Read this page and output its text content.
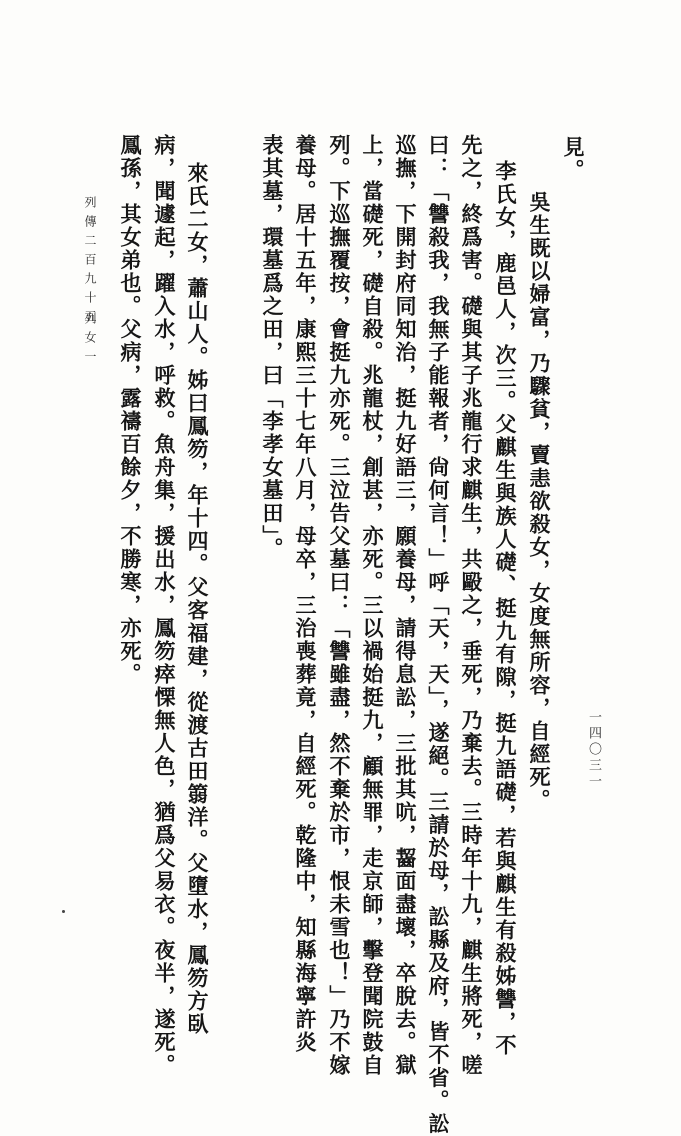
見。
吳生既以婦富，乃驟貧，賣恚欲殺女，女度無所容，自經死。
李氏女，鹿邑人，次三。父麒生與族人礎、挺九有隙，挺九語礎，若與麒生有殺姊讐，不
先之，終爲害。礎與其子兆龍行求麒生，共毆之，垂死，乃棄去。三時年十九，麒生將死，嗟
曰：「讐殺我，我無子能報者，尙何言！」呼「天，天」，遂絕。三請於母，訟縣及府，皆不省。訟
巡撫，下開封府同知治，挺九好語三，願養母，請得息訟，三批其吭，齧面盡壞，卒脫去。獄
上，當礎死，礎自殺。兆龍杖，創甚，亦死。三以禍始挺九，顧無罪，走京師，擊登聞院鼓自
列。下巡撫覆按，會挺九亦死。三泣告父墓曰：「讐雖盡，然不棄於市，恨未雪也！」乃不嫁
養母。居十五年，康熙三十七年八月，母卒，三治喪葬竟，自經死。乾隆中，知縣海寧許炎
表其墓，環墓爲之田，曰「李孝女墓田」。
來氏二女，蕭山人。姊曰鳳笏，年十四。父客福建，從渡古田篛洋。父墮水，鳳笏方臥
病，聞遽起，躍入水，呼救。魚舟集，援出水，鳳笏瘁慄無人色，猶爲父易衣。夜半，遂死。
鳳孫，其女弟也。父病，露禱百餘夕，不勝寒，亦死。
列傳二百九十五
列女一
一四〇三一
